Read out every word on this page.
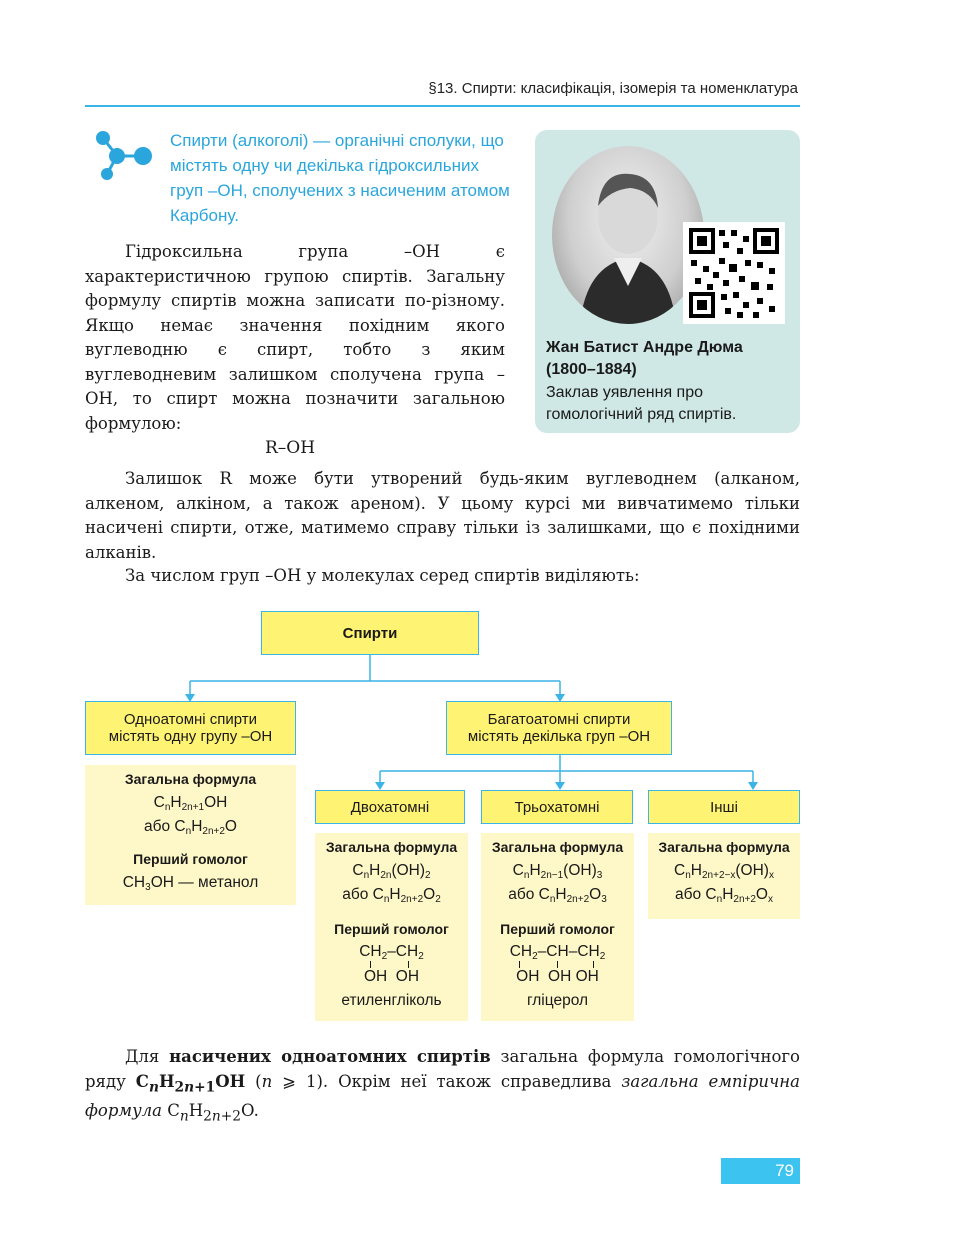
§13. Спирти: класифікація, ізомерія та номенклатура
Спирти (алкоголі) — органічні сполуки, що містять одну чи декілька гідроксильних груп –ОН, сполучених з насиченим атомом Карбону.

Гідроксильна група –ОН є характеристичною групою спиртів. Загальну формулу спиртів можна записати по-різному. Якщо немає значення похідним якого вуглеводню є спирт, тобто з яким вуглеводневим залишком сполучена група –ОН, то спирт можна позначити загальною формулою:

R–OH
Жан Батист Андре Дюма (1800–1884)
Заклав уявлення про гомологічний ряд спиртів.

Залишок R може бути утворений будь-яким вуглеводнем (алканом, алкеном, алкіном, а також ареном). У цьому курсі ми вивчатимемо тільки насичені спирти, отже, матимемо справу тільки із залишками, що є похідними алканів.

За числом груп –ОН у молекулах серед спиртів виділяють:

Спирти
Одноатомні спирти
містять одну групу –ОН
Багатоатомні спирти
містять декілька груп –ОН
Загальна формула
$C_nH_{2n+1}OH$
або $C_nH_{2n+2}O$
Перший гомолог
$CH_3OH$ — метанол
Двохатомні	Трьохатомні	Інші
Загальна формула
$C_nH_{2n}(OH)_2$
або $C_nH_{2n+2}O_2$
Перший гомолог
$CH_2-CH_2$
OH  OH
етиленгліколь
Загальна формула
$C_nH_{2n-1}(OH)_3$
або $C_nH_{2n+2}O_3$
Перший гомолог
$CH_2-CH-CH_2$
OH  OH OH
гліцерол
Загальна формула
$C_nH_{2n+2-x}(OH)_x$
або $C_nH_{2n+2}O_x$

Для насичених одноатомних спиртів загальна формула гомологічного ряду $C_nH_{2n+1}OH$ (n ⩾ 1). Окрім неї також справедлива загальна емпірична формула $C_nH_{2n+2}O$.

79
